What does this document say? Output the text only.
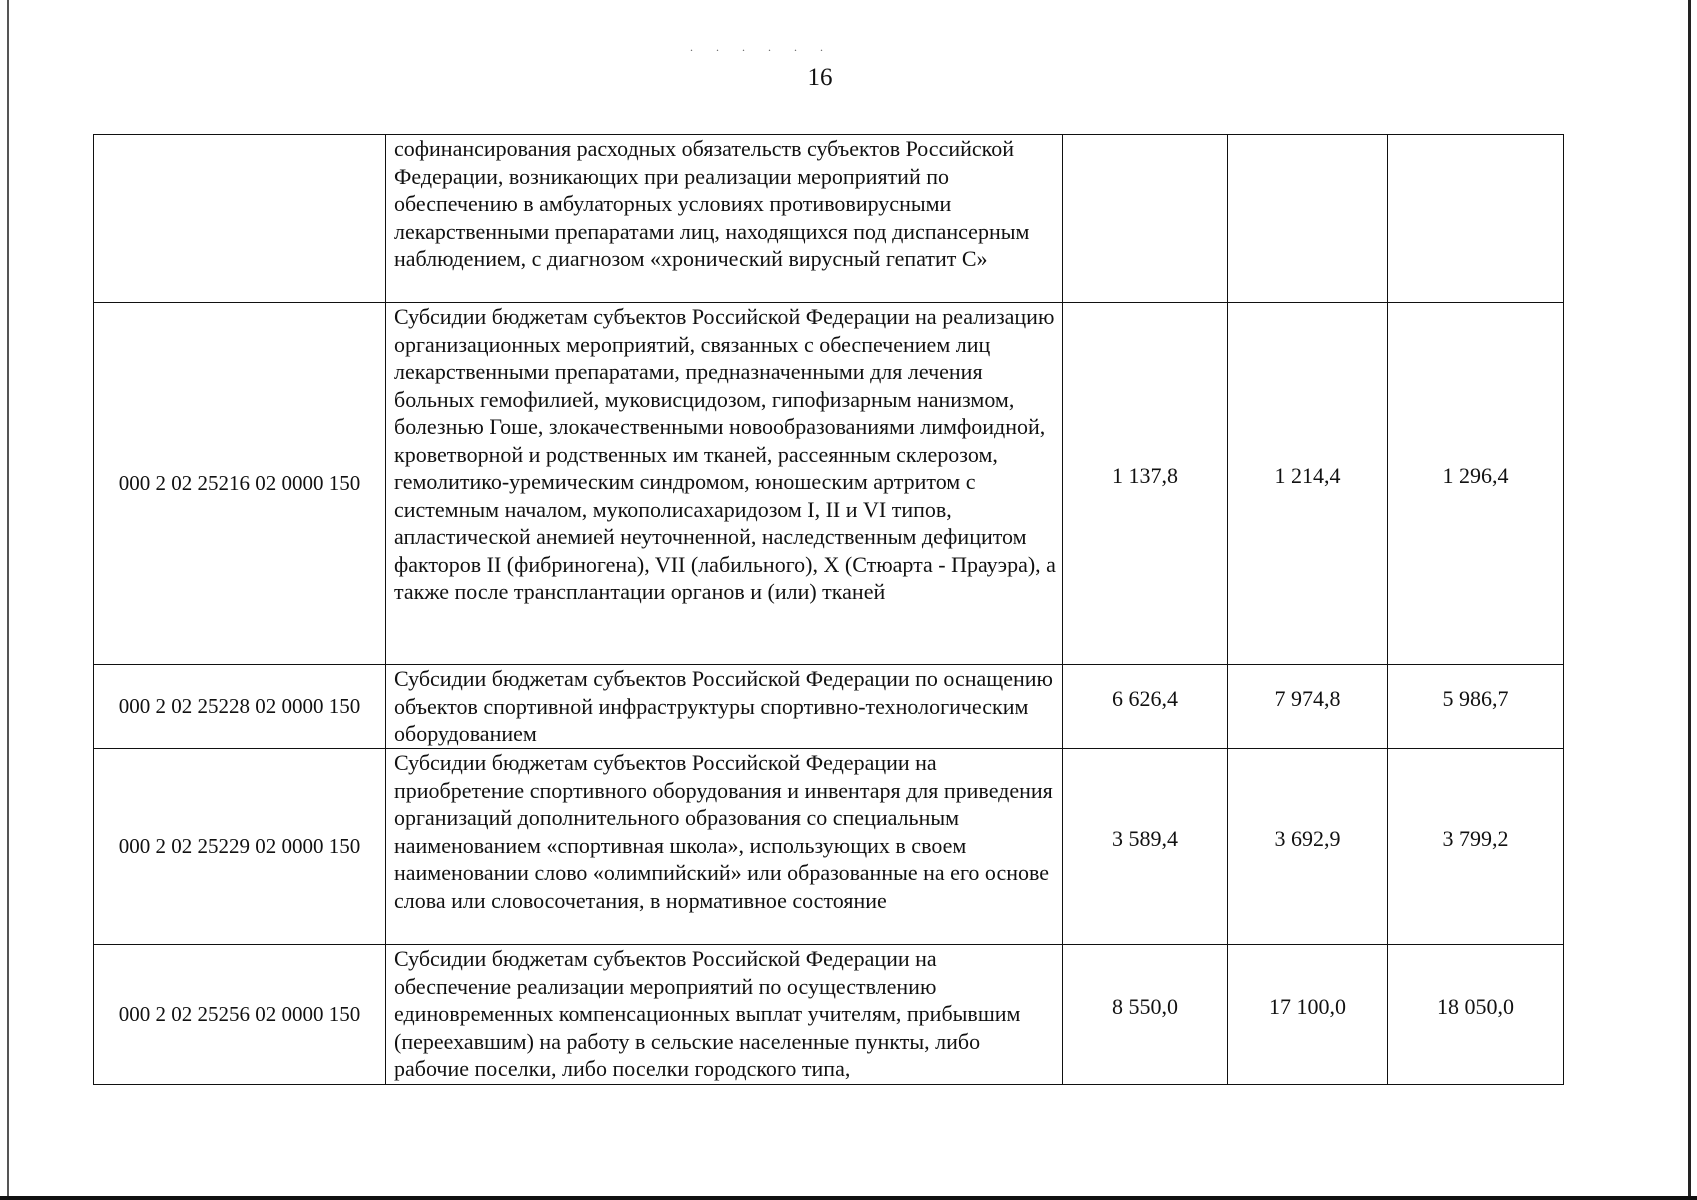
. . . . . .
16
	софинансирования расходных обязательств субъектов Российской Федерации, возникающих при реализации мероприятий по обеспечению в амбулаторных условиях противовирусными лекарственными препаратами лиц, находящихся под диспансерным наблюдением, с диагнозом «хронический вирусный гепатит С»			
000 2 02 25216 02 0000 150	Субсидии бюджетам субъектов Российской Федерации на реализацию организационных мероприятий, связанных с обеспечением лиц лекарственными препаратами, предназначенными для лечения больных гемофилией, муковисцидозом, гипофизарным нанизмом, болезнью Гоше, злокачественными новообразованиями лимфоидной, кроветворной и родственных им тканей, рассеянным склерозом, гемолитико-уремическим синдромом, юношеским артритом с системным началом, мукополисахаридозом I, II и VI типов, апластической анемией неуточненной, наследственным дефицитом факторов II (фибриногена), VII (лабильного), X (Стюарта - Прауэра), а также после трансплантации органов и (или) тканей	1 137,8	1 214,4	1 296,4
000 2 02 25228 02 0000 150	Субсидии бюджетам субъектов Российской Федерации по оснащению объектов спортивной инфраструктуры спортивно-технологическим оборудованием	6 626,4	7 974,8	5 986,7
000 2 02 25229 02 0000 150	Субсидии бюджетам субъектов Российской Федерации на приобретение спортивного оборудования и инвентаря для приведения организаций дополнительного образования со специальным наименованием «спортивная школа», использующих в своем наименовании слово «олимпийский» или образованные на его основе слова или словосочетания, в нормативное состояние	3 589,4	3 692,9	3 799,2
000 2 02 25256 02 0000 150	Субсидии бюджетам субъектов Российской Федерации на обеспечение реализации мероприятий по осуществлению единовременных компенсационных выплат учителям, прибывшим (переехавшим) на работу в сельские населенные пункты, либо рабочие поселки, либо поселки городского типа,	8 550,0	17 100,0	18 050,0
